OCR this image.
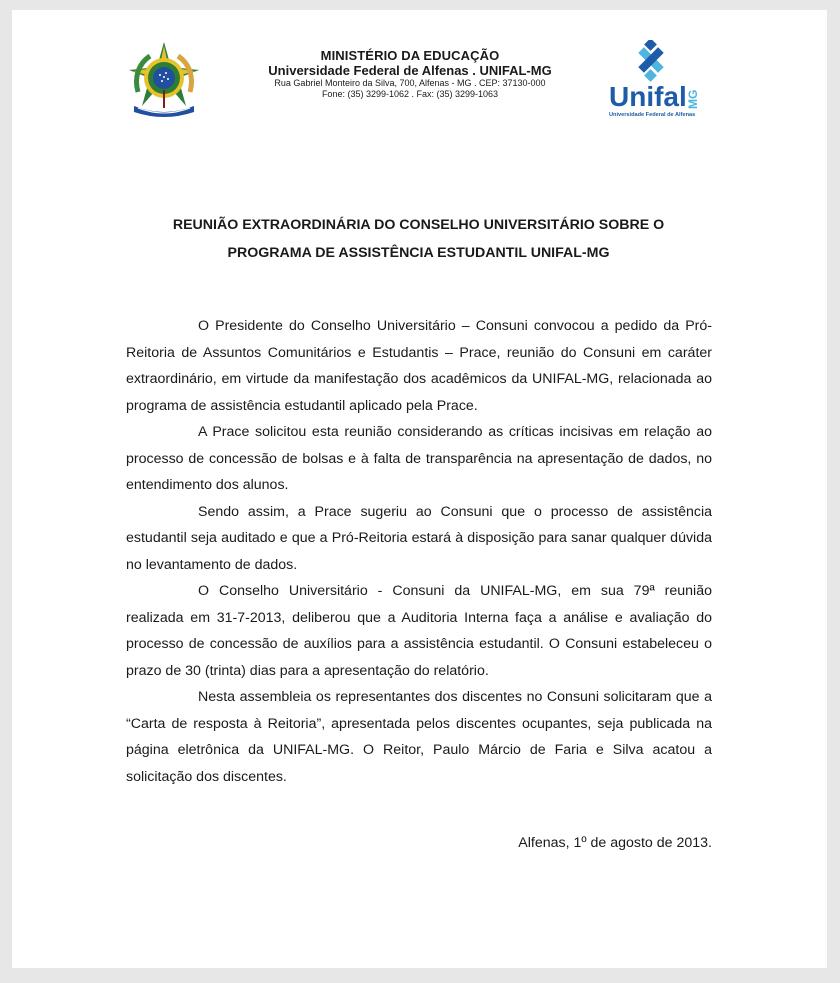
MINISTÉRIO DA EDUCAÇÃO
Universidade Federal de Alfenas . UNIFAL-MG
Rua Gabriel Monteiro da Silva, 700, Alfenas - MG . CEP: 37130-000
Fone: (35) 3299-1062 . Fax: (35) 3299-1063	Unifal MG
Universidade Federal de Alfenas
REUNIÃO EXTRAORDINÁRIA DO CONSELHO UNIVERSITÁRIO SOBRE O
PROGRAMA DE ASSISTÊNCIA ESTUDANTIL UNIFAL-MG

O Presidente do Conselho Universitário – Consuni convocou a pedido da Pró-Reitoria de Assuntos Comunitários e Estudantis – Prace, reunião do Consuni em caráter extraordinário, em virtude da manifestação dos acadêmicos da UNIFAL-MG, relacionada ao programa de assistência estudantil aplicado pela Prace.

A Prace solicitou esta reunião considerando as críticas incisivas em relação ao processo de concessão de bolsas e à falta de transparência na apresentação de dados, no entendimento dos alunos.

Sendo assim, a Prace sugeriu ao Consuni que o processo de assistência estudantil seja auditado e que a Pró-Reitoria estará à disposição para sanar qualquer dúvida no levantamento de dados.

O Conselho Universitário - Consuni da UNIFAL-MG, em sua 79ª reunião realizada em 31-7-2013, deliberou que a Auditoria Interna faça a análise e avaliação do processo de concessão de auxílios para a assistência estudantil. O Consuni estabeleceu o prazo de 30 (trinta) dias para a apresentação do relatório.

Nesta assembleia os representantes dos discentes no Consuni solicitaram que a “Carta de resposta à Reitoria”, apresentada pelos discentes ocupantes, seja publicada na página eletrônica da UNIFAL-MG. O Reitor, Paulo Márcio de Faria e Silva acatou a solicitação dos discentes.

Alfenas, 1º de agosto de 2013.
